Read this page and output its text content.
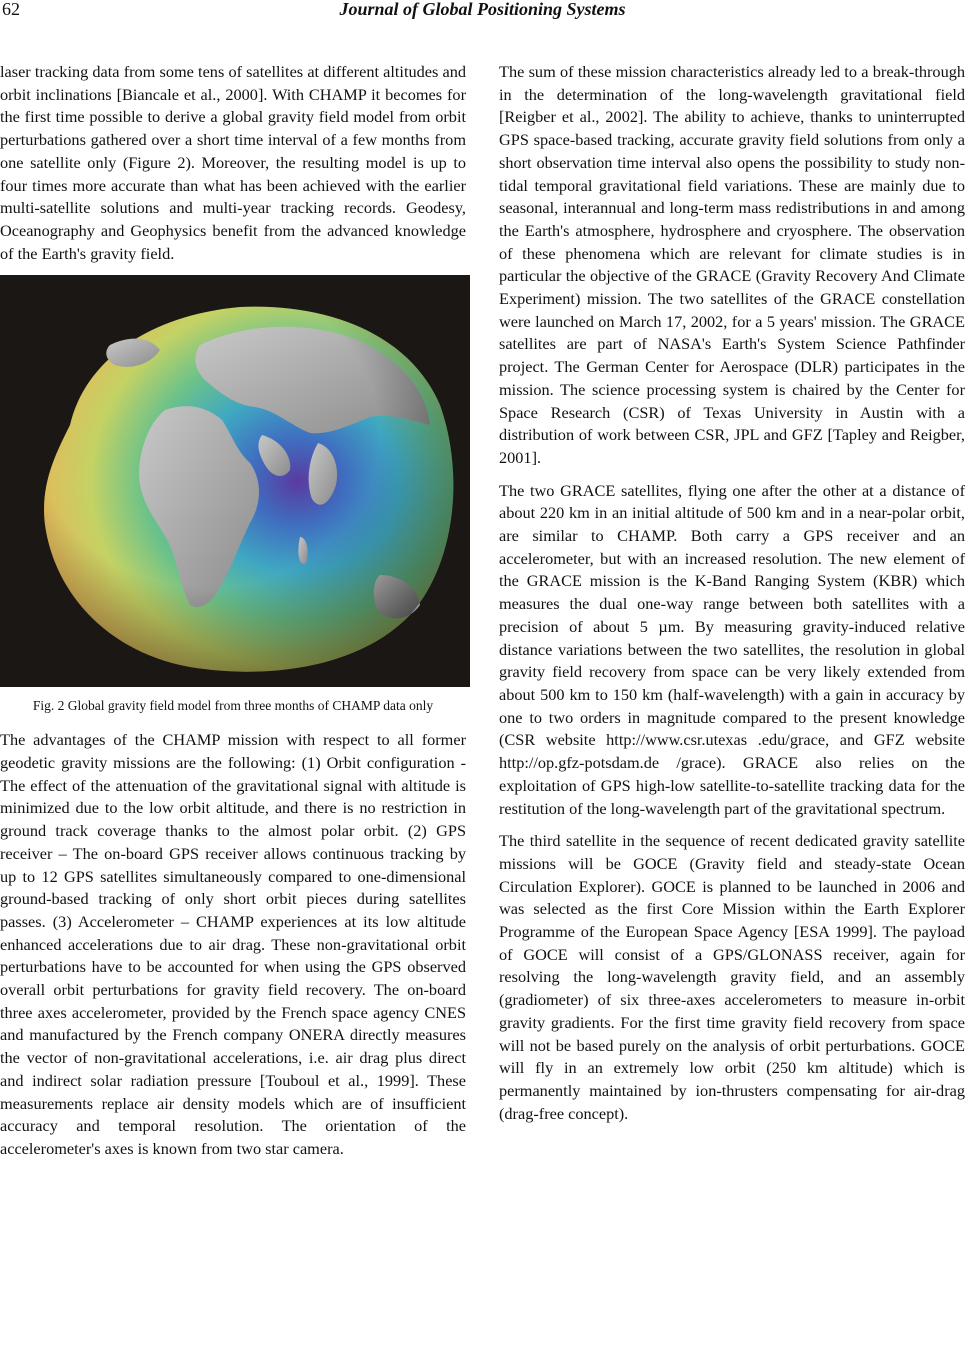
62	Journal of Global Positioning Systems

laser tracking data from some tens of satellites at different altitudes and orbit inclinations [Biancale et al., 2000]. With CHAMP it becomes for the first time possible to derive a global gravity field model from orbit perturbations gathered over a short time interval of a few months from one satellite only (Figure 2). Moreover, the resulting model is up to four times more accurate than what has been achieved with the earlier multi-satellite solutions and multi-year tracking records. Geodesy, Oceanography and Geophysics benefit from the advanced knowledge of the Earth's gravity field.

Fig. 2 Global gravity field model from three months of CHAMP data only

The advantages of the CHAMP mission with respect to all former geodetic gravity missions are the following: (1) Orbit configuration - The effect of the attenuation of the gravitational signal with altitude is minimized due to the low orbit altitude, and there is no restriction in ground track coverage thanks to the almost polar orbit. (2) GPS receiver – The on-board GPS receiver allows continuous tracking by up to 12 GPS satellites simultaneously compared to one-dimensional ground-based tracking of only short orbit pieces during satellites passes. (3) Accelerometer – CHAMP experiences at its low altitude enhanced accelerations due to air drag. These non-gravitational orbit perturbations have to be accounted for when using the GPS observed overall orbit perturbations for gravity field recovery. The on-board three axes accelerometer, provided by the French space agency CNES and manufactured by the French company ONERA directly measures the vector of non-gravitational accelerations, i.e. air drag plus direct and indirect solar radiation pressure [Touboul et al., 1999]. These measurements replace air density models which are of insufficient accuracy and temporal resolution. The orientation of the accelerometer's axes is known from two star camera.

The sum of these mission characteristics already led to a break-through in the determination of the long-wavelength gravitational field [Reigber et al., 2002]. The ability to achieve, thanks to uninterrupted GPS space-based tracking, accurate gravity field solutions from only a short observation time interval also opens the possibility to study non-tidal temporal gravitational field variations. These are mainly due to seasonal, interannual and long-term mass redistributions in and among the Earth's atmosphere, hydrosphere and cryosphere. The observation of these phenomena which are relevant for climate studies is in particular the objective of the GRACE (Gravity Recovery And Climate Experiment) mission. The two satellites of the GRACE constellation were launched on March 17, 2002, for a 5 years' mission. The GRACE satellites are part of NASA's Earth's System Science Pathfinder project. The German Center for Aerospace (DLR) participates in the mission. The science processing system is chaired by the Center for Space Research (CSR) of Texas University in Austin with a distribution of work between CSR, JPL and GFZ [Tapley and Reigber, 2001].

The two GRACE satellites, flying one after the other at a distance of about 220 km in an initial altitude of 500 km and in a near-polar orbit, are similar to CHAMP. Both carry a GPS receiver and an accelerometer, but with an increased resolution. The new element of the GRACE mission is the K-Band Ranging System (KBR) which measures the dual one-way range between both satellites with a precision of about 5 µm. By measuring gravity-induced relative distance variations between the two satellites, the resolution in global gravity field recovery from space can be very likely extended from about 500 km to 150 km (half-wavelength) with a gain in accuracy by one to two orders in magnitude compared to the present knowledge (CSR website http://www.csr.utexas .edu/grace, and GFZ website http://op.gfz-potsdam.de /grace). GRACE also relies on the exploitation of GPS high-low satellite-to-satellite tracking data for the restitution of the long-wavelength part of the gravitational spectrum.

The third satellite in the sequence of recent dedicated gravity satellite missions will be GOCE (Gravity field and steady-state Ocean Circulation Explorer). GOCE is planned to be launched in 2006 and was selected as the first Core Mission within the Earth Explorer Programme of the European Space Agency [ESA 1999]. The payload of GOCE will consist of a GPS/GLONASS receiver, again for resolving the long-wavelength gravity field, and an assembly (gradiometer) of six three-axes accelerometers to measure in-orbit gravity gradients. For the first time gravity field recovery from space will not be based purely on the analysis of orbit perturbations. GOCE will fly in an extremely low orbit (250 km altitude) which is permanently maintained by ion-thrusters compensating for air-drag (drag-free concept).
